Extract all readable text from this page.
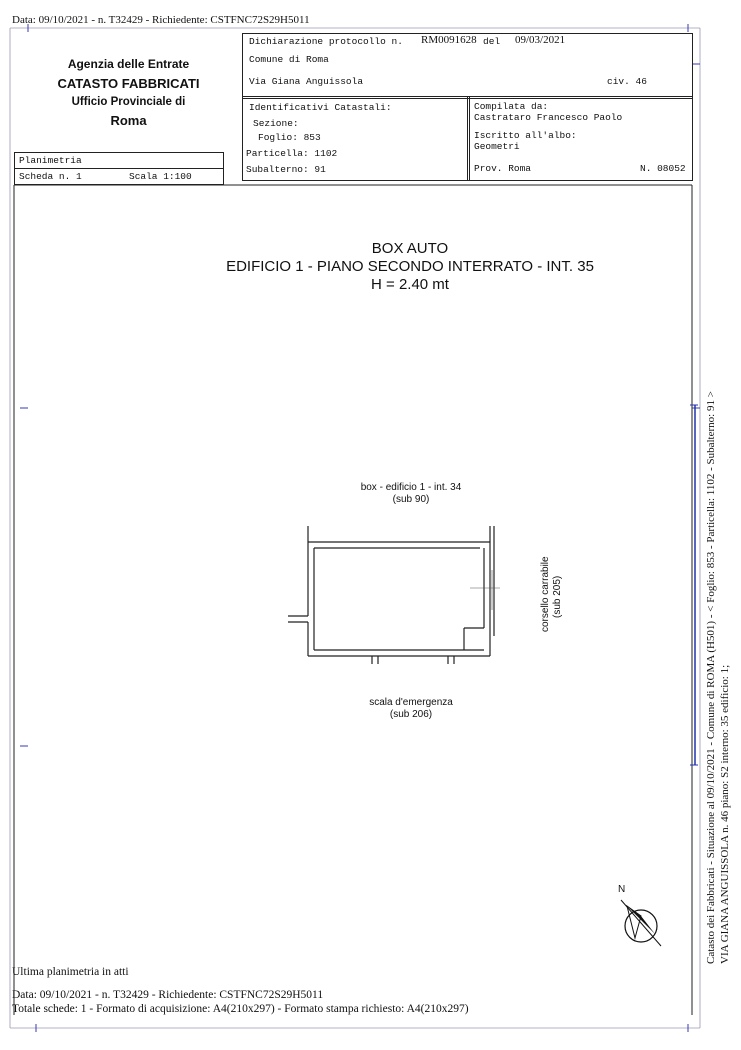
Data: 09/10/2021 - n. T32429 - Richiedente: CSTFNC72S29H5011
Agenzia delle Entrate
CATASTO FABBRICATI
Ufficio Provinciale di
Roma
Dichiarazione protocollo n. RM0091628 del 09/03/2021
Comune di Roma
Via Giana Anguissola	civ. 46
Identificativi Catastali:
Sezione:
Foglio: 853
Particella: 1102
Subalterno: 91
Compilata da:
Castrataro Francesco Paolo
Iscritto all'albo:
Geometri
Prov. Roma	N. 08052
Planimetria
Scheda n. 1	Scala 1:100
BOX AUTO
EDIFICIO 1 - PIANO SECONDO INTERRATO - INT. 35
H = 2.40 mt
box - edificio 1 - int. 34
(sub 90)
scala d'emergenza
(sub 206)
corsello carrabile (sub 205)
N	Catasto dei Fabbricati - Situazione al 09/10/2021 - Comune di ROMA (H501) - < Foglio: 853 - Particella: 1102 - Subalterno: 91 > VIA GIANA ANGUISSOLA n. 46 piano: S2 interno: 35 edificio: 1;
Ultima planimetria in atti
Data: 09/10/2021 - n. T32429 - Richiedente: CSTFNC72S29H5011
Totale schede: 1 - Formato di acquisizione: A4(210x297) - Formato stampa richiesto: A4(210x297)
